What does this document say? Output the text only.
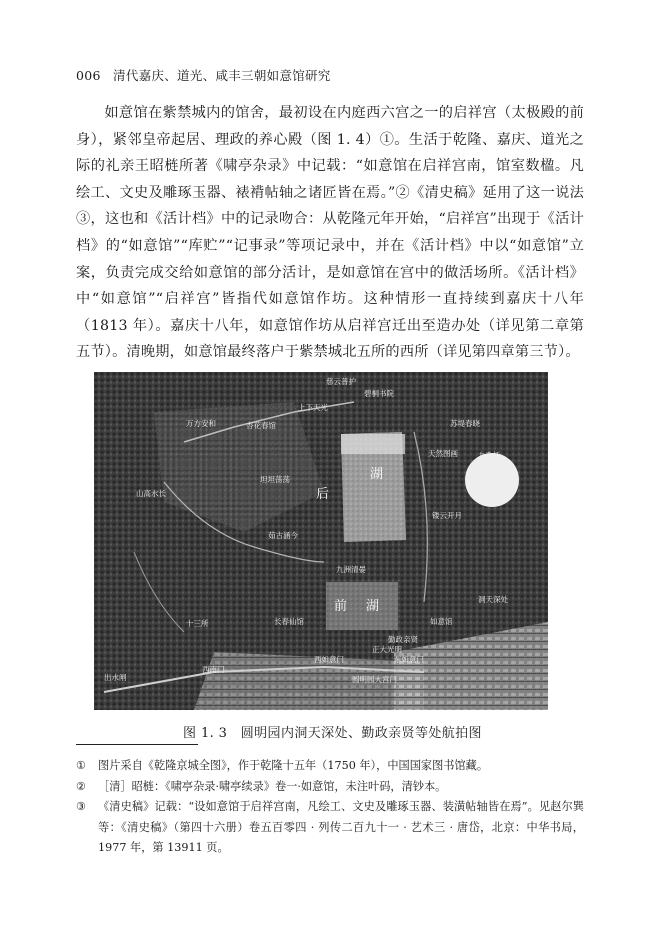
006 清代嘉庆、道光、咸丰三朝如意馆研究

如意馆在紫禁城内的馆舍，最初设在内庭西六宫之一的启祥宫（太极殿的前身），紧邻皇帝起居、理政的养心殿（图 1. 4）①。生活于乾隆、嘉庆、道光之际的礼亲王昭梿所著《啸亭杂录》中记载：“如意馆在启祥宫南，馆室数楹。凡绘工、文史及雕琢玉器、裱褙帖轴之诸匠皆在焉。”②《清史稿》延用了这一说法③，这也和《活计档》中的记录吻合：从乾隆元年开始，“启祥宫”出现于《活计档》的“如意馆”“库贮”“记事录”等项记录中，并在《活计档》中以“如意馆”立案，负责完成交给如意馆的部分活计，是如意馆在宫中的做活场所。《活计档》中“如意馆”“启祥宫”皆指代如意馆作坊。这种情形一直持续到嘉庆十八年（1813 年）。嘉庆十八年，如意馆作坊从启祥宫迁出至造办处（详见第二章第五节）。清晚期，如意馆最终落户于紫禁城北五所的西所（详见第四章第三节）。

慈云普护
碧桐书院
上下天光
万方安和	杏花春馆	苏堤春晓
天然图画	九孔桥
坦坦荡荡
后
湖
山高水长
镂云开月
茹古涵今
九洲清晏
前 湖	洞天深处
十三所	长春仙馆	如意馆
勤政亲贤
正大光明
东如意门
西南门
西如意门
圆明园大宫门
出水闸
图 1. 3　圆明园内洞天深处、勤政亲贤等处航拍图
①	图片采自《乾隆京城全图》，作于乾隆十五年（1750 年），中国国家图书馆藏。
②	［清］昭梿：《啸亭杂录·啸亭续录》卷一·如意馆，未注叶码，清钞本。
③	《清史稿》记载：“设如意馆于启祥宫南，凡绘工、文史及雕琢玉器、装潢帖轴皆在焉”。见赵尔巽等：《清史稿》（第四十六册）卷五百零四 · 列传二百九十一 · 艺术三 · 唐岱，北京：中华书局，1977 年，第 13911 页。
